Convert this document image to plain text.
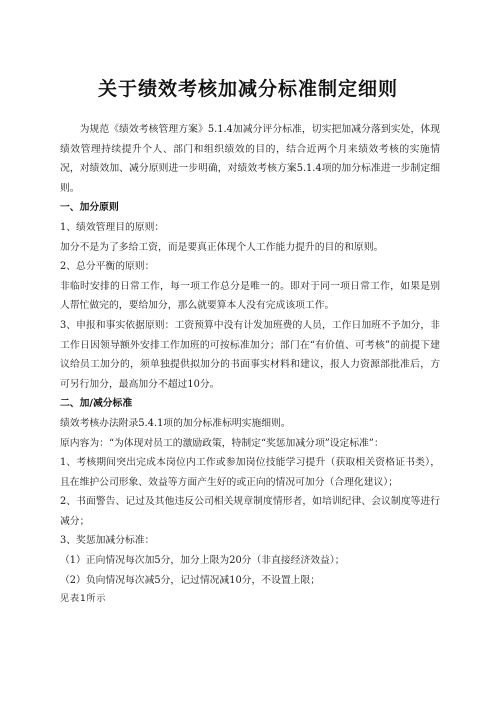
关于绩效考核加减分标准制定细则

为规范《绩效考核管理方案》5.1.4加减分评分标准，切实把加减分落到实处，体现绩效管理持续提升个人、部门和组织绩效的目的，结合近两个月来绩效考核的实施情况，对绩效加、减分原则进一步明确，对绩效考核方案5.1.4项的加分标准进一步制定细则。

一、加分原则

1、绩效管理目的原则：

加分不是为了多给工资，而是要真正体现个人工作能力提升的目的和原则。

2、总分平衡的原则：

非临时安排的日常工作，每一项工作总分是唯一的。即对于同一项日常工作，如果是别人帮忙做完的，要给加分，那么就要算本人没有完成该项工作。

3、申报和事实依据原则：工资预算中没有计发加班费的人员，工作日加班不予加分，非工作日因领导额外安排工作加班的可按标准加分；部门在“有价值、可考核”的前提下建议给员工加分的，须单独提供拟加分的书面事实材料和建议，报人力资源部批准后，方可另行加分，最高加分不超过10分。

二、加/减分标准

绩效考核办法附录5.4.1项的加分标准标明实施细则。

原内容为：“为体现对员工的激励政策，特制定“奖惩加减分项”设定标准”：

1、考核期间突出完成本岗位内工作或参加岗位技能学习提升（获取相关资格证书类），且在维护公司形象、效益等方面产生好的或正向的情况可加分（合理化建议）；

2、书面警告、记过及其他违反公司相关规章制度情形者，如培训纪律、会议制度等进行减分；

3、奖惩加减分标准：

（1）正向情况每次加5分，加分上限为20分（非直接经济效益）；

（2）负向情况每次减5分，记过情况减10分，不设置上限；

见表1所示
